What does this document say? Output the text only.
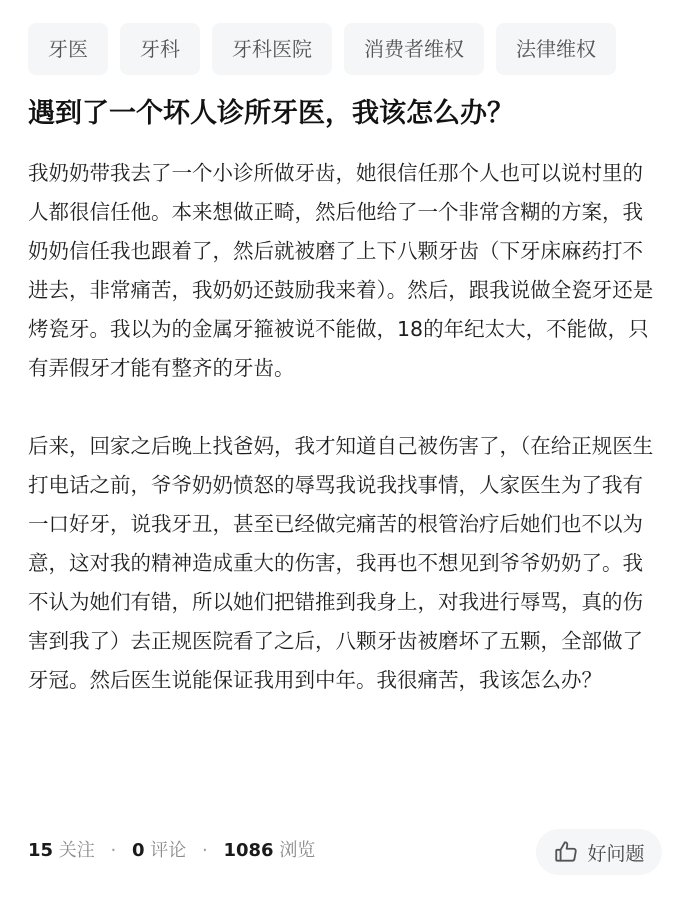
牙医	牙科	牙科医院	消费者维权	法律维权
遇到了一个坏人诊所牙医，我该怎么办？

我奶奶带我去了一个小诊所做牙齿，她很信任那个人也可以说村里的人都很信任他。本来想做正畸，然后他给了一个非常含糊的方案，我奶奶信任我也跟着了，然后就被磨了上下八颗牙齿（下牙床麻药打不进去，非常痛苦，我奶奶还鼓励我来着）。然后，跟我说做全瓷牙还是烤瓷牙。我以为的金属牙箍被说不能做，18的年纪太大，不能做，只有弄假牙才能有整齐的牙齿。

后来，回家之后晚上找爸妈，我才知道自己被伤害了，（在给正规医生打电话之前，爷爷奶奶愤怒的辱骂我说我找事情，人家医生为了我有一口好牙，说我牙丑，甚至已经做完痛苦的根管治疗后她们也不以为意，这对我的精神造成重大的伤害，我再也不想见到爷爷奶奶了。我不认为她们有错，所以她们把错推到我身上，对我进行辱骂，真的伤害到我了）去正规医院看了之后，八颗牙齿被磨坏了五颗，全部做了牙冠。然后医生说能保证我用到中年。我很痛苦，我该怎么办？

15 关注 · 0 评论 · 1086 浏览	好问题
